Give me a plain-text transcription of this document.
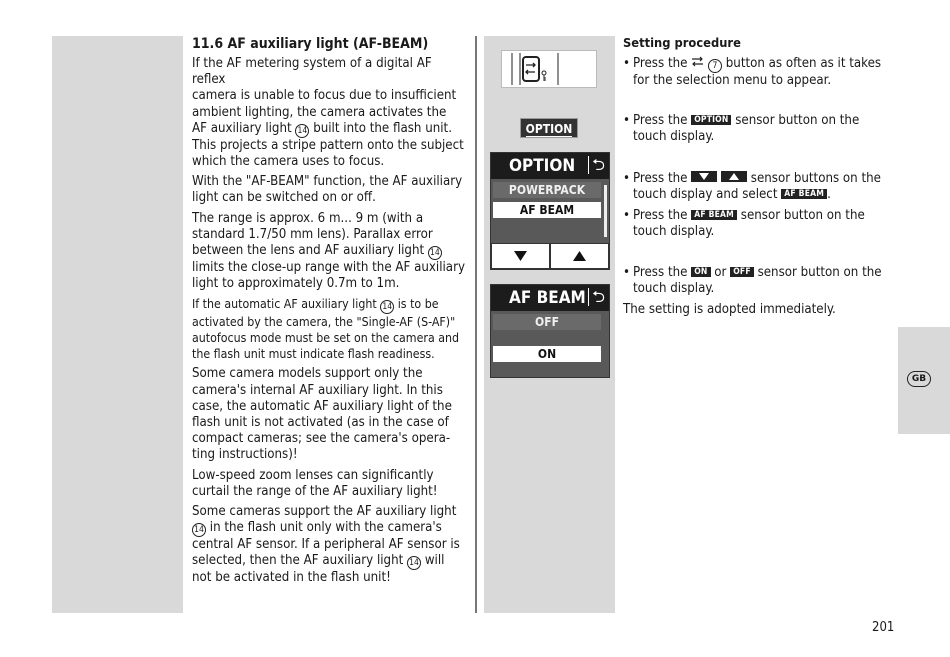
11.6 AF auxiliary light (AF-BEAM)

If the AF metering system of a digital AF reflex
camera is unable to focus due to insufficient
ambient lighting, the camera activates the
AF auxiliary light 14 built into the flash unit.
This projects a stripe pattern onto the subject
which the camera uses to focus.

With the "AF-BEAM" function, the AF auxiliary
light can be switched on or off.

The range is approx. 6 m... 9 m (with a
standard 1.7/50 mm lens). Parallax error
between the lens and AF auxiliary light 14
limits the close-up range with the AF auxiliary
light to approximately 0.7m to 1m.

If the automatic AF auxiliary light 14 is to be
activated by the camera, the "Single-AF (S-AF)"
autofocus mode must be set on the camera and
the flash unit must indicate flash readiness.

Some camera models support only the
camera's internal AF auxiliary light. In this
case, the automatic AF auxiliary light of the
flash unit is not activated (as in the case of
compact cameras; see the camera's opera-
ting instructions)!

Low-speed zoom lenses can significantly
curtail the range of the AF auxiliary light!

Some cameras support the AF auxiliary light
14 in the flash unit only with the camera's
central AF sensor. If a peripheral AF sensor is
selected, then the AF auxiliary light 14 will
not be activated in the flash unit!

OPTION
OPTION	⮌
POWERPACK
AF BEAM
AF BEAM ⮌
OFF
ON
Setting procedure
• Press the	7 button as often as it takes
for the selection menu to appear.
• Press the OPTION sensor button on the
touch display.
• Press the
	sensor buttons on the
touch display and select AF BEAM .
• Press the AF BEAM sensor button on the
touch display.
• Press the ON or OFF sensor button on the
touch display.
The setting is adopted immediately.
GB
201
